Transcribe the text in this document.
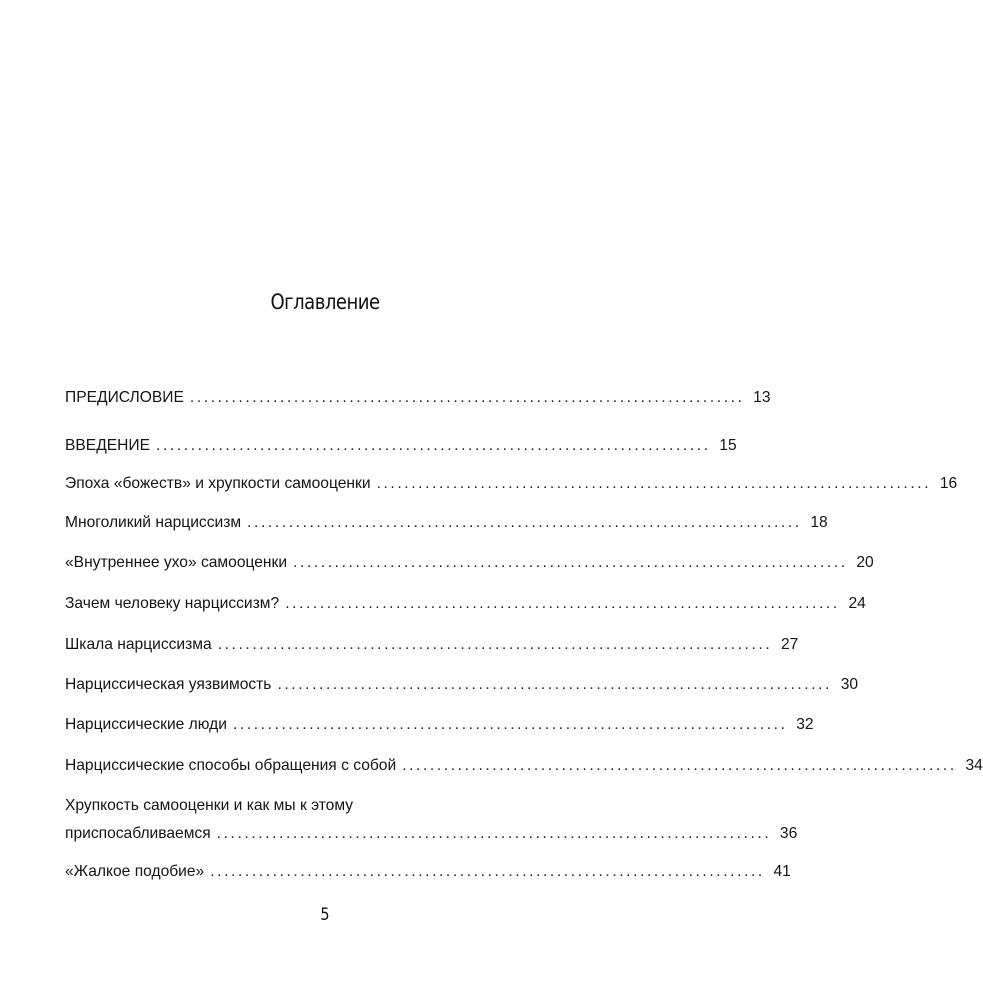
Оглавление
ПРЕДИСЛОВИЕ ................................................................................ 13
ВВЕДЕНИЕ ................................................................................ 15
Эпоха «божеств» и хрупкости самооценки ................................................................................ 16
Многоликий нарциссизм ................................................................................ 18
«Внутреннее ухо» самооценки ................................................................................ 20
Зачем человеку нарциссизм? ................................................................................ 24
Шкала нарциссизма ................................................................................ 27
Нарциссическая уязвимость ................................................................................ 30
Нарциссические люди ................................................................................ 32
Нарциссические способы обращения с собой ................................................................................ 34
Хрупкость самооценки и как мы к этому
приспосабливаемся ................................................................................ 36
«Жалкое подобие» ................................................................................ 41
5
